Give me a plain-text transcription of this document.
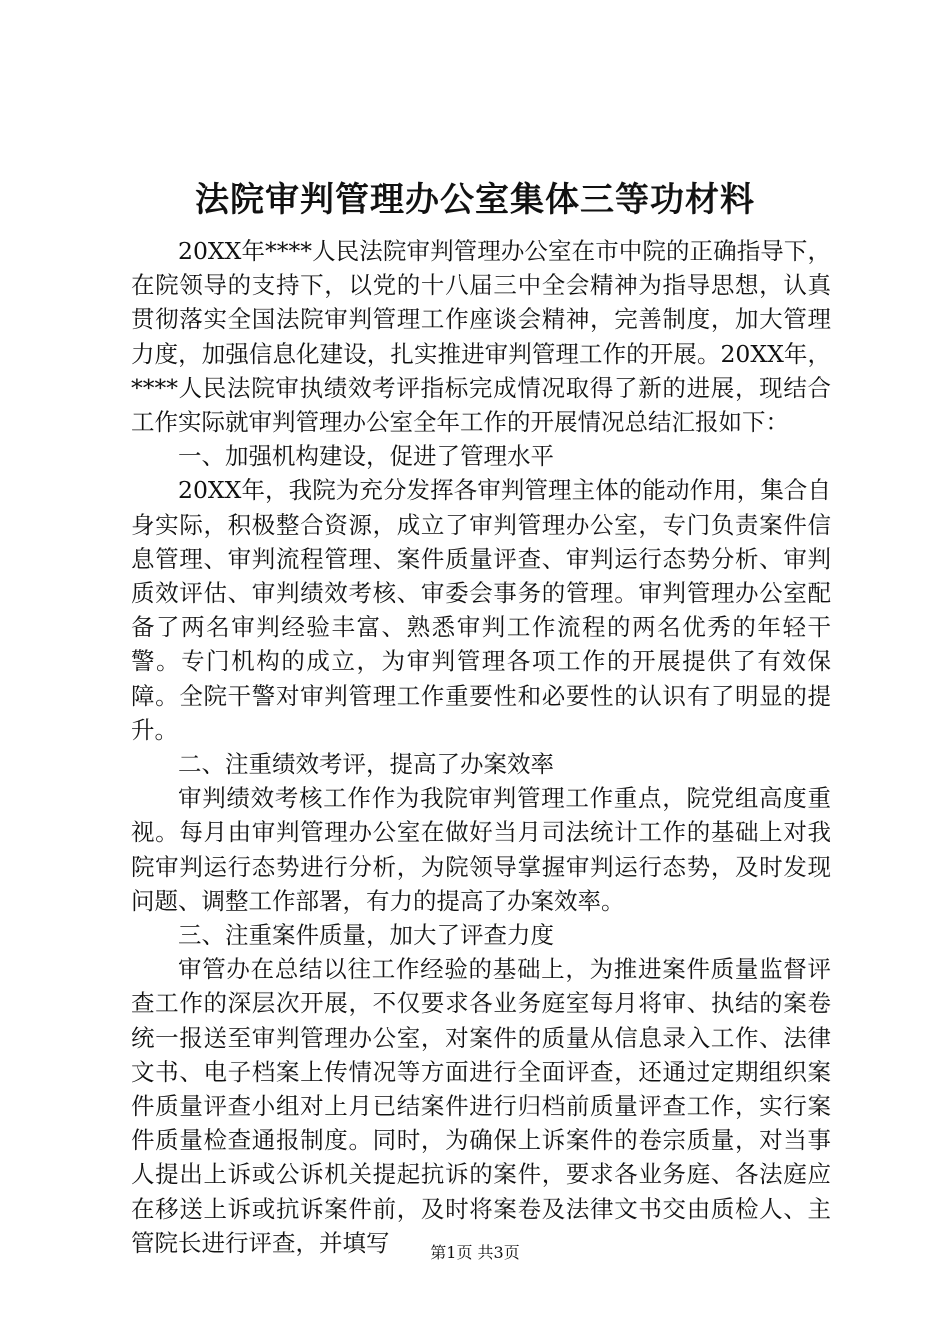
法院审判管理办公室集体三等功材料

20XX年****人民法院审判管理办公室在市中院的正确指导下，在院领导的支持下，以党的十八届三中全会精神为指导思想，认真贯彻落实全国法院审判管理工作座谈会精神，完善制度，加大管理力度，加强信息化建设，扎实推进审判管理工作的开展。20XX年，****人民法院审执绩效考评指标完成情况取得了新的进展，现结合工作实际就审判管理办公室全年工作的开展情况总结汇报如下：

一、加强机构建设，促进了管理水平

20XX年，我院为充分发挥各审判管理主体的能动作用，集合自身实际，积极整合资源，成立了审判管理办公室，专门负责案件信息管理、审判流程管理、案件质量评查、审判运行态势分析、审判质效评估、审判绩效考核、审委会事务的管理。审判管理办公室配备了两名审判经验丰富、熟悉审判工作流程的两名优秀的年轻干警。专门机构的成立，为审判管理各项工作的开展提供了有效保障。全院干警对审判管理工作重要性和必要性的认识有了明显的提升。

二、注重绩效考评，提高了办案效率

审判绩效考核工作作为我院审判管理工作重点，院党组高度重视。每月由审判管理办公室在做好当月司法统计工作的基础上对我院审判运行态势进行分析，为院领导掌握审判运行态势，及时发现问题、调整工作部署，有力的提高了办案效率。

三、注重案件质量，加大了评查力度

审管办在总结以往工作经验的基础上，为推进案件质量监督评查工作的深层次开展，不仅要求各业务庭室每月将审、执结的案卷统一报送至审判管理办公室，对案件的质量从信息录入工作、法律文书、电子档案上传情况等方面进行全面评查，还通过定期组织案件质量评查小组对上月已结案件进行归档前质量评查工作，实行案件质量检查通报制度。同时，为确保上诉案件的卷宗质量，对当事人提出上诉或公诉机关提起抗诉的案件，要求各业务庭、各法庭应在移送上诉或抗诉案件前，及时将案卷及法律文书交由质检人、主管院长进行评查，并填写	第1页 共3页
